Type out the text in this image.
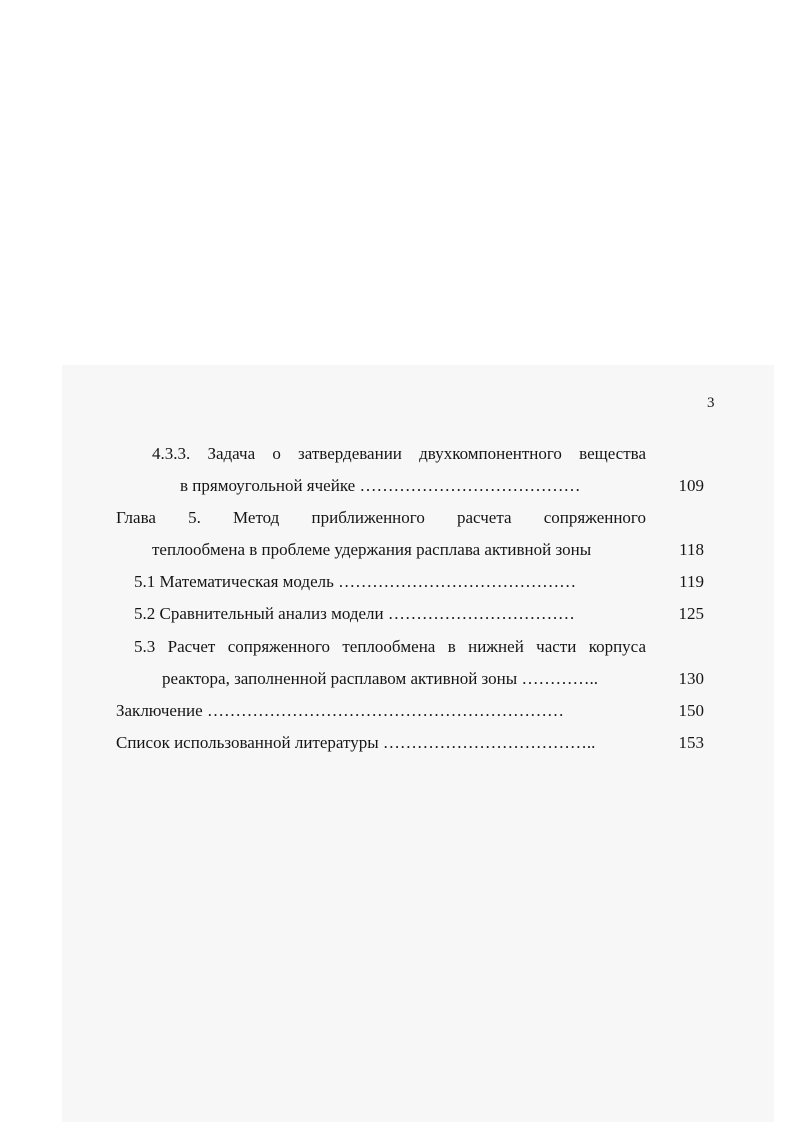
3
4.3.3. Задача о затвердевании двухкомпонентного вещества
в прямоугольной ячейке …………………………………	109
Глава 5. Метод приближенного расчета сопряженного
теплообмена в проблеме удержания расплава активной зоны	118
5.1 Математическая модель ……………………………………	119
5.2 Сравнительный анализ модели ……………………………	125
5.3 Расчет сопряженного теплообмена в нижней части корпуса
реактора, заполненной расплавом активной зоны …………..	130
Заключение ………………………………………………………	150
Список использованной литературы ………………………………..	153
